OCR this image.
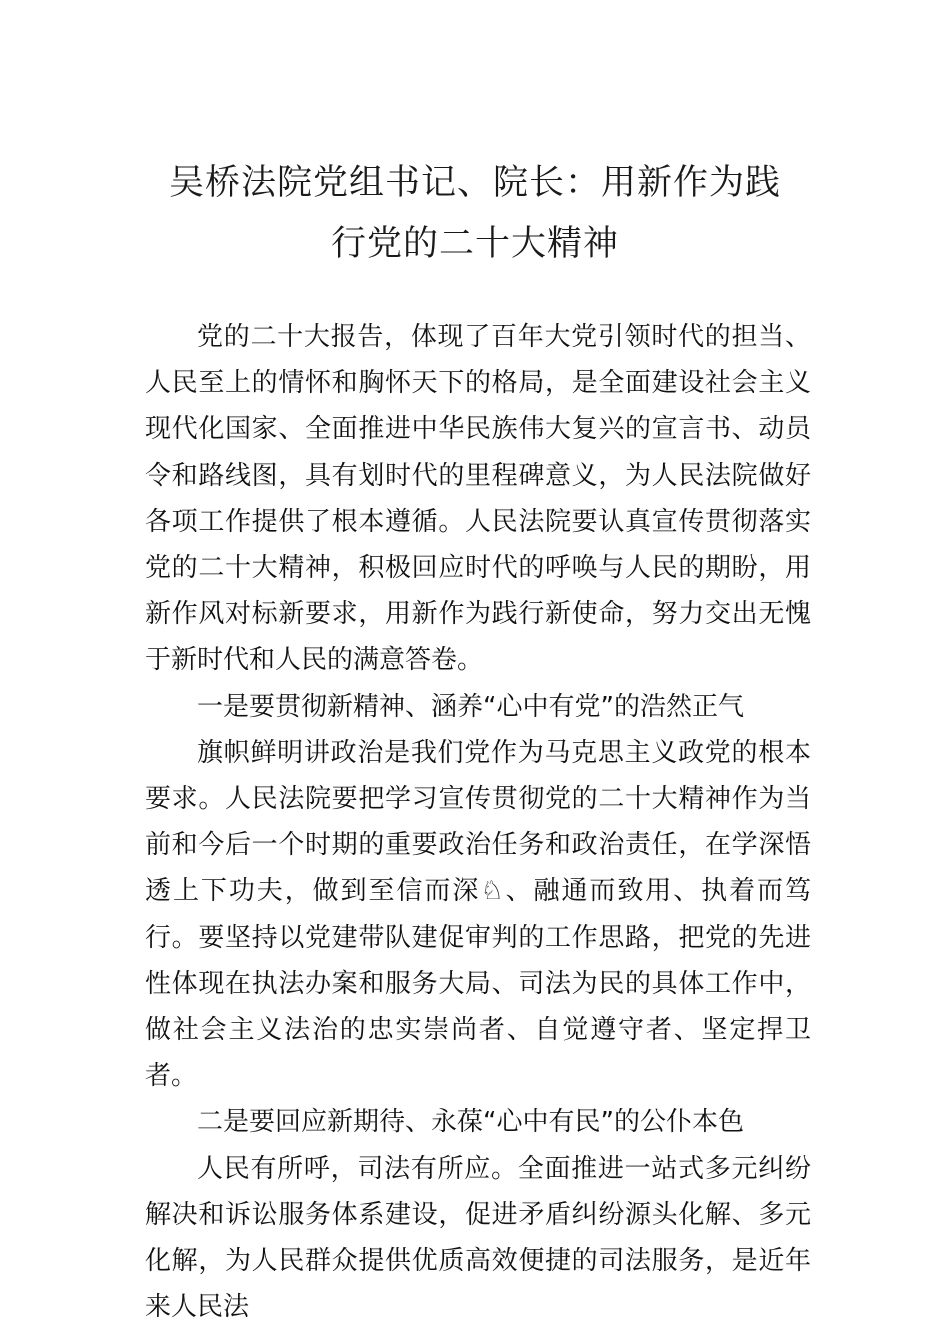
吴桥法院党组书记、院长：用新作为践
行党的二十大精神

党的二十大报告，体现了百年大党引领时代的担当、人民至上的情怀和胸怀天下的格局，是全面建设社会主义现代化国家、全面推进中华民族伟大复兴的宣言书、动员令和路线图，具有划时代的里程碑意义，为人民法院做好各项工作提供了根本遵循。人民法院要认真宣传贯彻落实党的二十大精神，积极回应时代的呼唤与人民的期盼，用新作风对标新要求，用新作为践行新使命，努力交出无愧于新时代和人民的满意答卷。

一是要贯彻新精神、涵养“心中有党”的浩然正气

旗帜鲜明讲政治是我们党作为马克思主义政党的根本要求。人民法院要把学习宣传贯彻党的二十大精神作为当前和今后一个时期的重要政治任务和政治责任，在学深悟透上下功夫，做到至信而深♘、融通而致用、执着而笃行。要坚持以党建带队建促审判的工作思路，把党的先进性体现在执法办案和服务大局、司法为民的具体工作中，做社会主义法治的忠实崇尚者、自觉遵守者、坚定捍卫者。

二是要回应新期待、永葆“心中有民”的公仆本色

人民有所呼，司法有所应。全面推进一站式多元纠纷解决和诉讼服务体系建设，促进矛盾纠纷源头化解、多元化解，为人民群众提供优质高效便捷的司法服务，是近年来人民法
